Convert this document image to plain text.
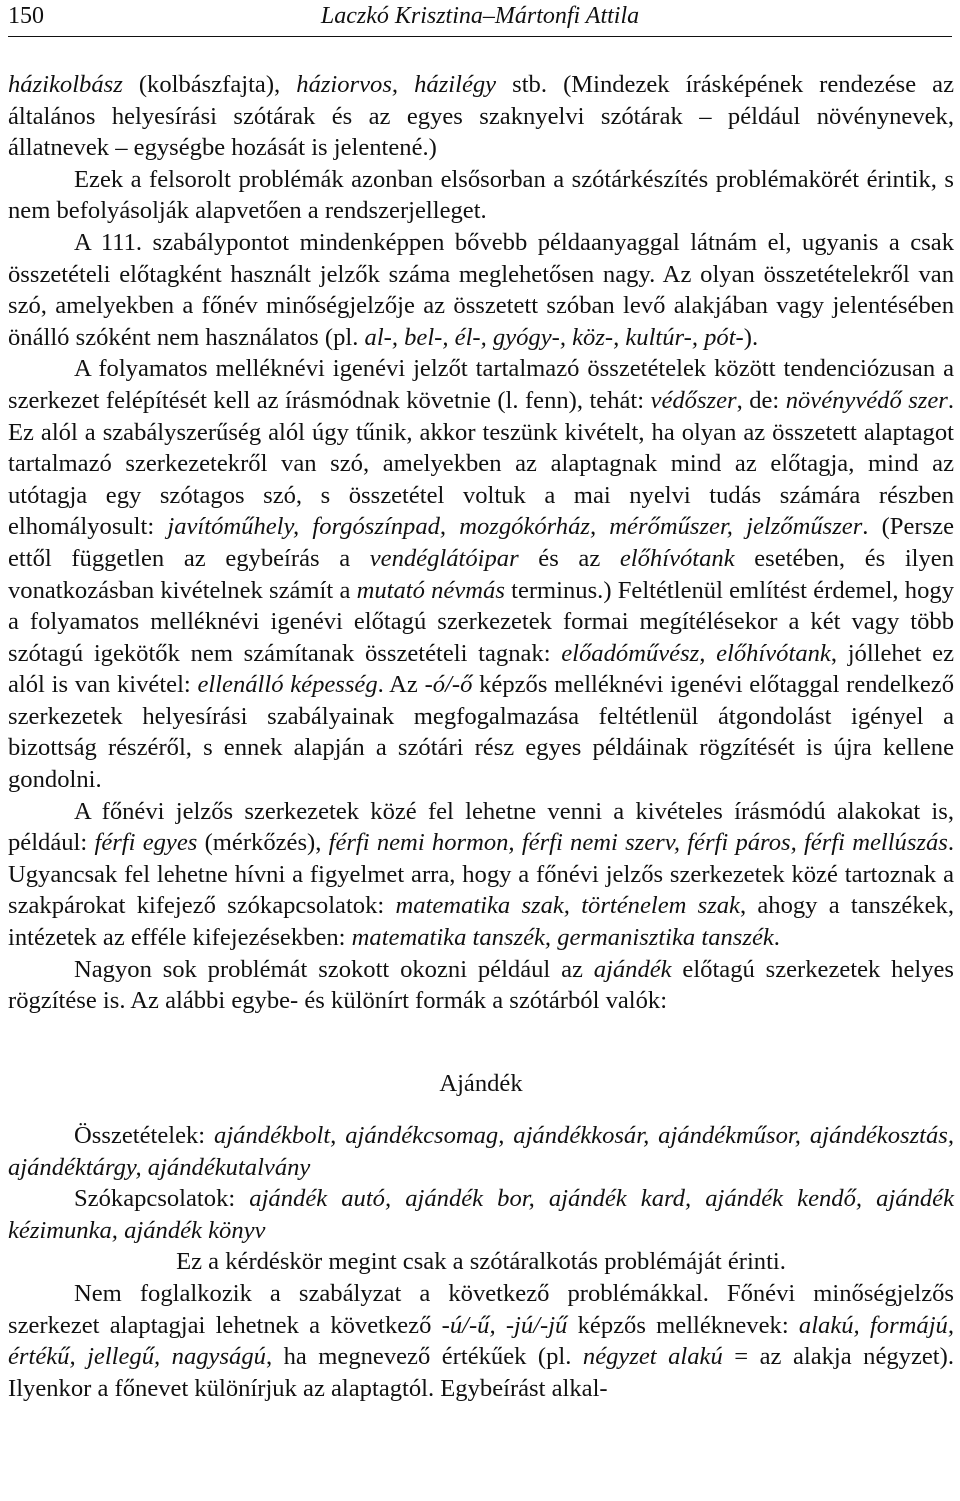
150	Laczkó Krisztina–Mártonfi Attila

házikolbász (kolbászfajta), háziorvos, házilégy stb. (Mindezek írásképének rendezése az általános helyesírási szótárak és az egyes szaknyelvi szótárak – például növénynevek, állatnevek – egységbe hozását is jelentené.)

Ezek a felsorolt problémák azonban elsősorban a szótárkészítés problémakörét érintik, s nem befolyásolják alapvetően a rendszerjelleget.

A 111. szabálypontot mindenképpen bővebb példaanyaggal látnám el, ugyanis a csak összetételi előtagként használt jelzők száma meglehetősen nagy. Az olyan összetételekről van szó, amelyekben a főnév minőségjelzője az összetett szóban levő alakjában vagy jelentésében önálló szóként nem használatos (pl. al-, bel-, él-, gyógy-, köz-, kultúr-, pót-).

A folyamatos melléknévi igenévi jelzőt tartalmazó összetételek között tendenciózusan a szerkezet felépítését kell az írásmódnak követnie (l. fenn), tehát: védőszer, de: növényvédő szer. Ez alól a szabályszerűség alól úgy tűnik, akkor teszünk kivételt, ha olyan az összetett alaptagot tartalmazó szerkezetekről van szó, amelyekben az alaptagnak mind az előtagja, mind az utótagja egy szótagos szó, s összetétel voltuk a mai nyelvi tudás számára részben elhomályosult: javítóműhely, forgószínpad, mozgókórház, mérőműszer, jelzőműszer. (Persze ettől független az egybeírás a vendéglátóipar és az előhívótank esetében, és ilyen vonatkozásban kivételnek számít a mutató névmás terminus.) Feltétlenül említést érdemel, hogy a folyamatos melléknévi igenévi előtagú szerkezetek formai megítélésekor a két vagy több szótagú igekötők nem számítanak összetételi tagnak: előadóművész, előhívótank, jóllehet ez alól is van kivétel: ellenálló képesség. Az -ó/-ő képzős melléknévi igenévi előtaggal rendelkező szerkezetek helyesírási szabályainak megfogalmazása feltétlenül átgondolást igényel a bizottság részéről, s ennek alapján a szótári rész egyes példáinak rögzítését is újra kellene gondolni.

A főnévi jelzős szerkezetek közé fel lehetne venni a kivételes írásmódú alakokat is, például: férfi egyes (mérkőzés), férfi nemi hormon, férfi nemi szerv, férfi páros, férfi mellúszás. Ugyancsak fel lehetne hívni a figyelmet arra, hogy a főnévi jelzős szerkezetek közé tartoznak a szakpárokat kifejező szókapcsolatok: matematika szak, történelem szak, ahogy a tanszékek, intézetek az efféle kifejezésekben: matematika tanszék, germanisztika tanszék.

Nagyon sok problémát szokott okozni például az ajándék előtagú szerkezetek helyes rögzítése is. Az alábbi egybe- és különírt formák a szótárból valók:

Ajándék

Összetételek: ajándékbolt, ajándékcsomag, ajándékkosár, ajándékműsor, ajándékosztás, ajándéktárgy, ajándékutalvány

Szókapcsolatok: ajándék autó, ajándék bor, ajándék kard, ajándék kendő, ajándék kézimunka, ajándék könyv

Ez a kérdéskör megint csak a szótáralkotás problémáját érinti.

Nem foglalkozik a szabályzat a következő problémákkal. Főnévi minőségjelzős szerkezet alaptagjai lehetnek a következő -ú/-ű, -jú/-jű képzős melléknevek: alakú, formájú, értékű, jellegű, nagyságú, ha megnevező értékűek (pl. négyzet alakú = az alakja négyzet). Ilyenkor a főnevet különírjuk az alaptagtól. Egybeírást alkal-
